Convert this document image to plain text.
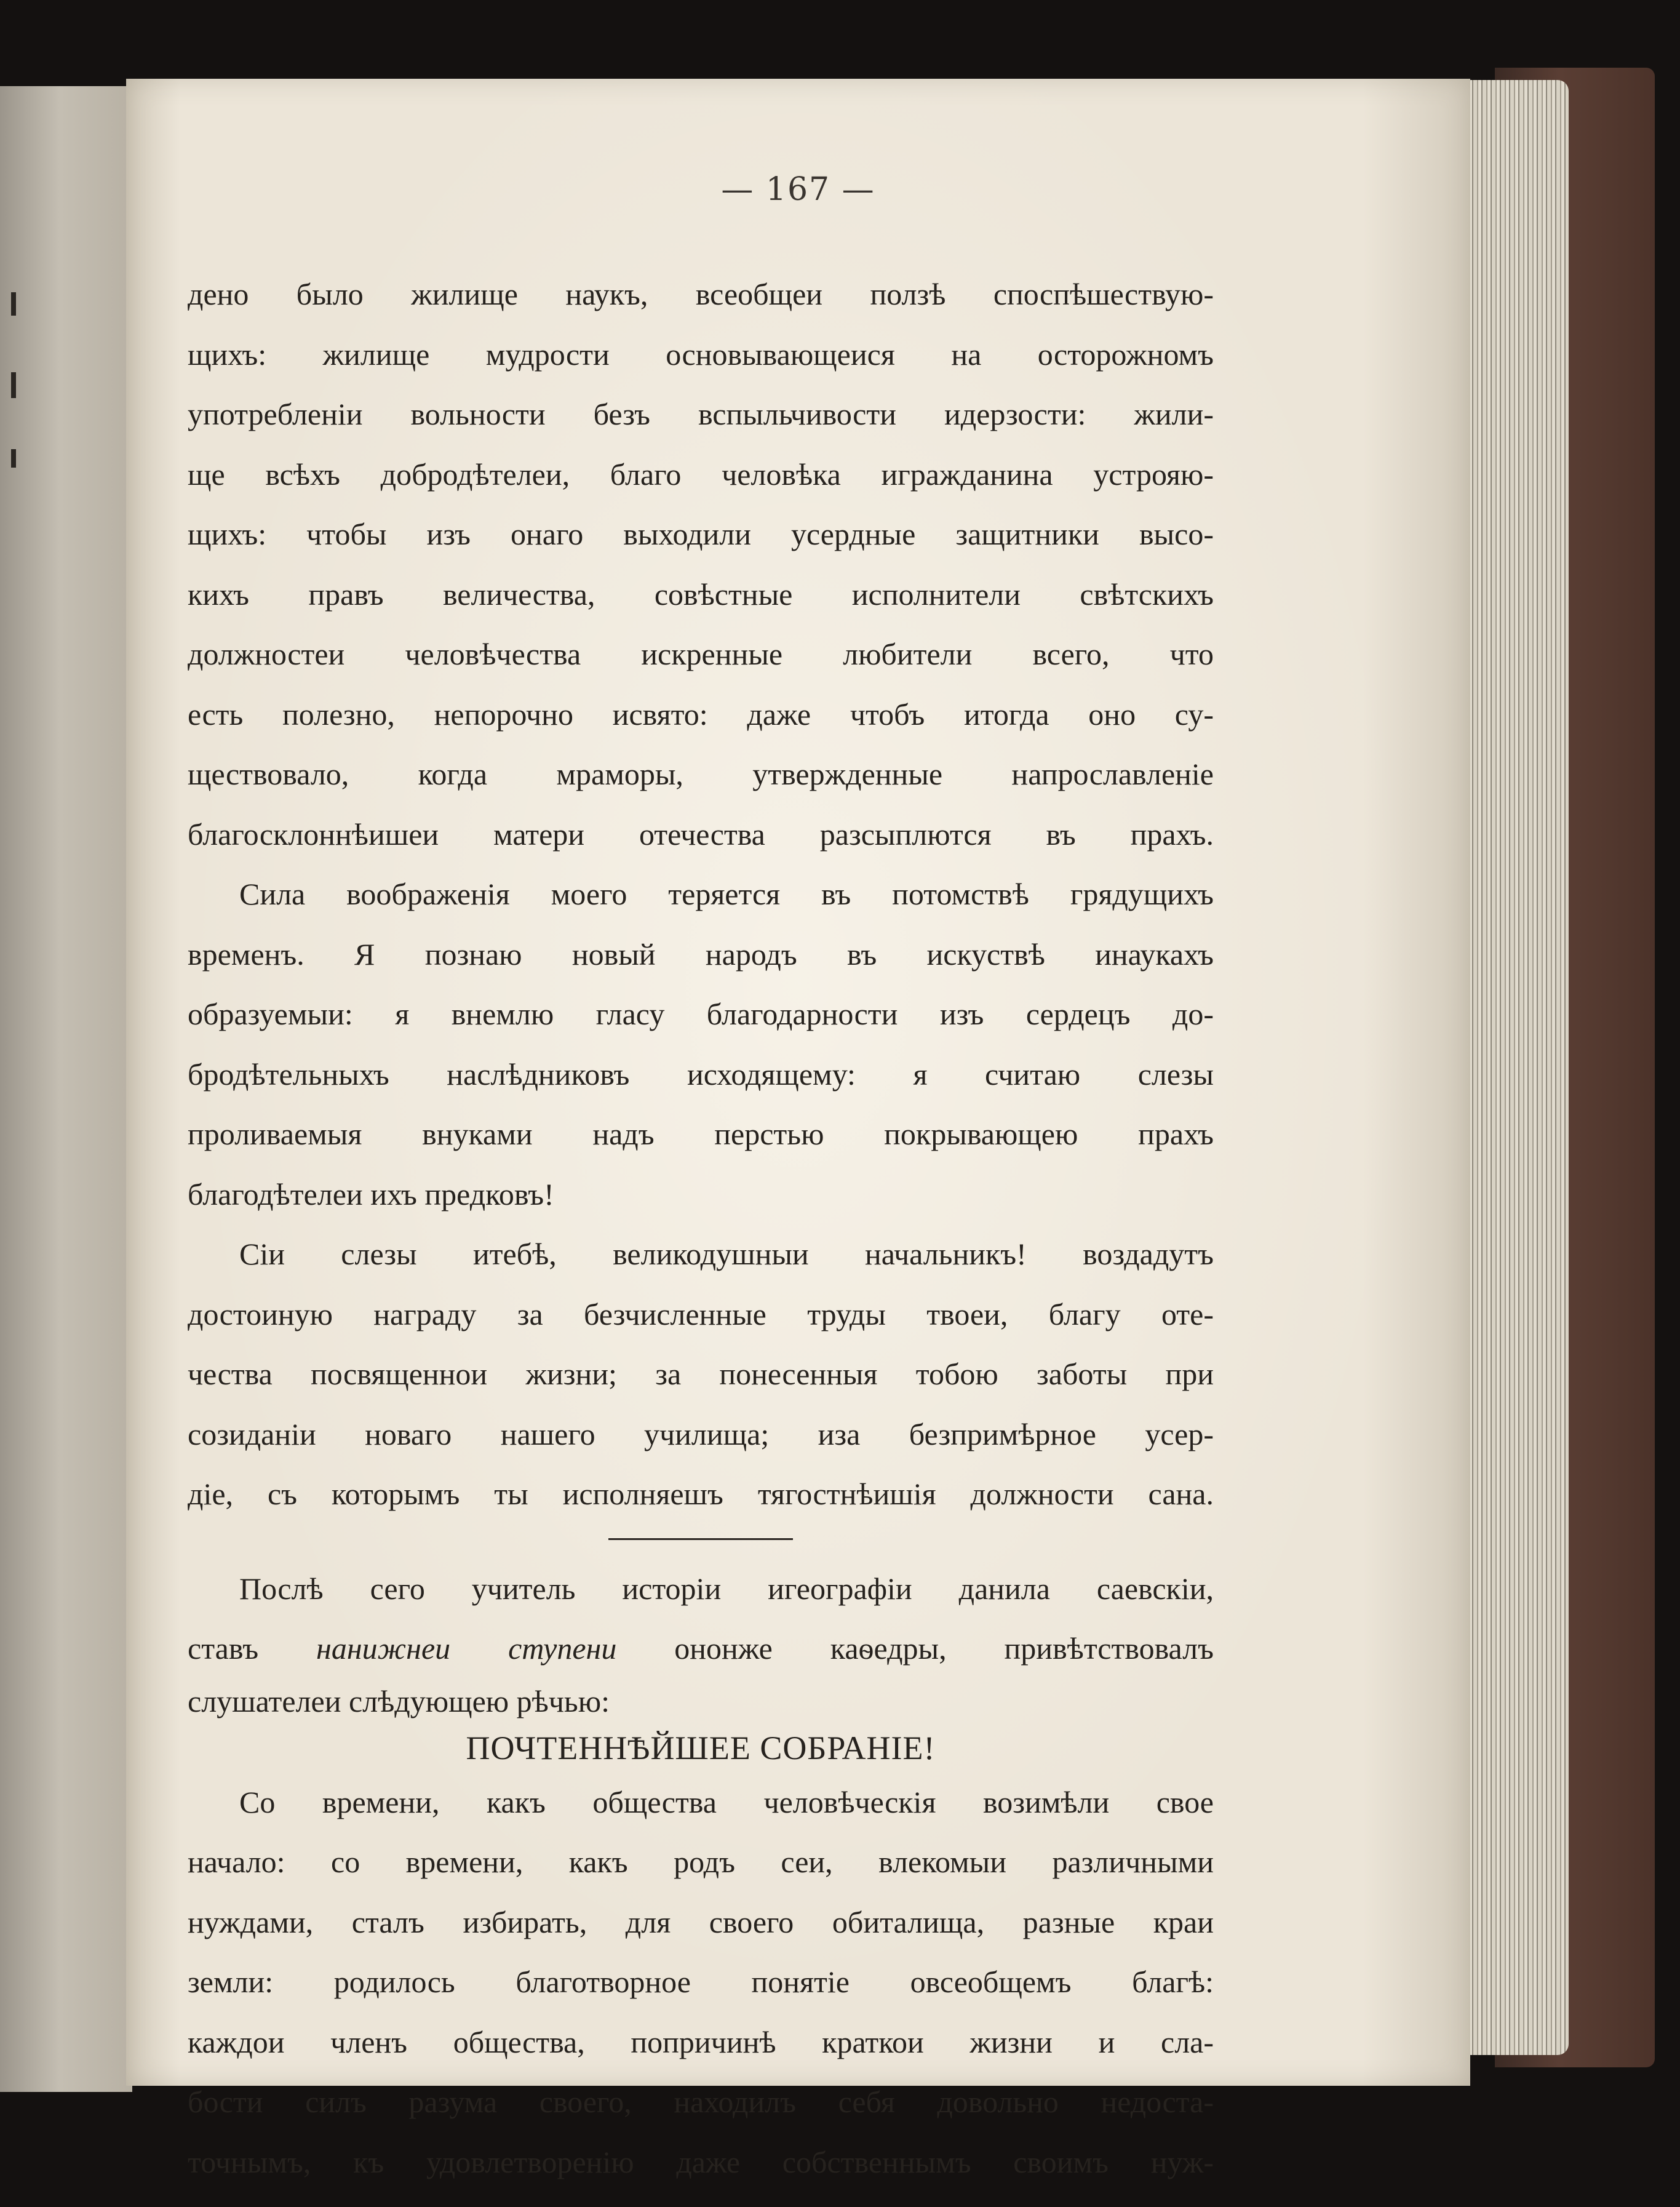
— 167 —
дено было жилище наукъ, всеобщеи ползѣ споспѣшествую-
щихъ: жилище мудрости основывающеися на осторожномъ
употребленіи вольности безъ вспыльчивости идерзости: жили-
ще всѣхъ добродѣтелеи, благо человѣка игражданина устрояю-
щихъ: чтобы изъ онаго выходили усердные защитники высо-
кихъ правъ величества, совѣстные исполнители свѣтскихъ
должностеи человѣчества искренные любители всего, что
есть полезно, непорочно исвято: даже чтобъ итогда оно су-
ществовало, когда мраморы, утвержденные напрославленіе
благосклоннѣишеи матери отечества разсыплются въ прахъ.
Сила воображенія моего теряется въ потомствѣ грядущихъ
временъ. Я познаю новый народъ въ искуствѣ инаукахъ
образуемыи: я внемлю гласу благодарности изъ сердецъ до-
бродѣтельныхъ наслѣдниковъ исходящему: я считаю слезы
проливаемыя внуками надъ перстью покрывающею прахъ
благодѣтелеи ихъ предковъ!
Сіи слезы итебѣ, великодушныи начальникъ! воздадутъ
достоиную награду за безчисленные труды твоеи, благу оте-
чества посвященнои жизни; за понесенныя тобою заботы при
созиданіи новаго нашего училища; иза безпримѣрное усер-
діе, съ которымъ ты исполняешъ тягостнѣишія должности сана.
Послѣ сего учитель исторіи игеографіи данила саевскіи,
ставъ нанижнеи ступени ононже каѳедры, привѣтствовалъ
слушателеи слѣдующею рѣчью:
ПОЧТЕННѢЙШЕЕ СОБРАНІЕ!
Со времени, какъ общества человѣческія возимѣли свое
начало: со времени, какъ родъ сеи, влекомыи различными
нуждами, сталъ избирать, для своего обиталища, разные краи
земли: родилось благотворное понятіе овсеобщемъ благѣ:
каждои членъ общества, попричинѣ краткои жизни и сла-
бости силъ разума своего, находилъ себя довольно недоста-
точнымъ, къ удовлетворенію даже собственнымъ своимъ нуж-
